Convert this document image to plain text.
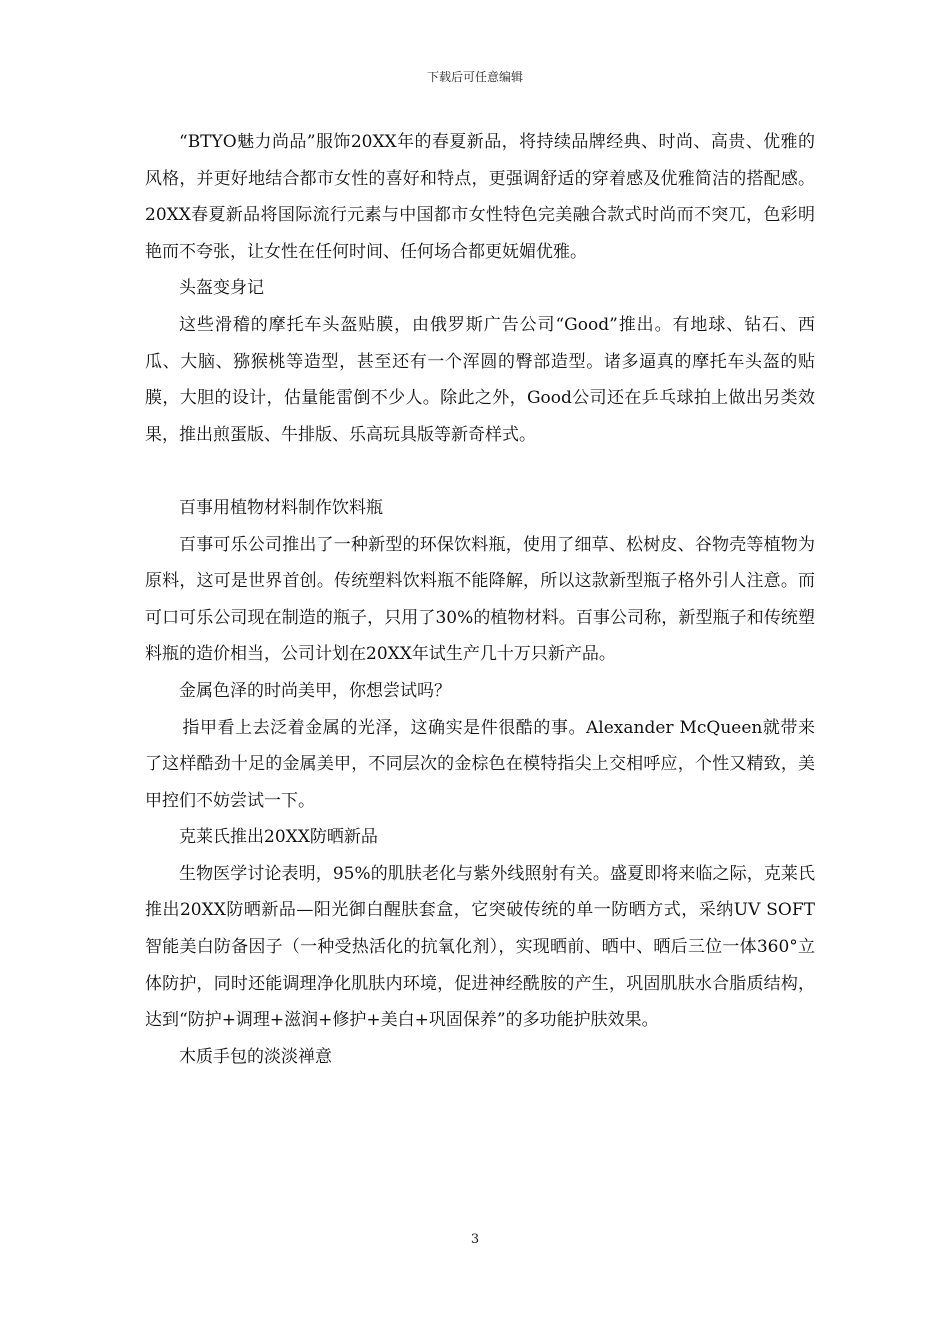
下载后可任意编辑

“BTYO魅力尚品”服饰20XX年的春夏新品，将持续品牌经典、时尚、高贵、优雅的风格，并更好地结合都市女性的喜好和特点，更强调舒适的穿着感及优雅简洁的搭配感。20XX春夏新品将国际流行元素与中国都市女性特色完美融合款式时尚而不突兀，色彩明艳而不夸张，让女性在任何时间、任何场合都更妩媚优雅。

头盔变身记

这些滑稽的摩托车头盔贴膜，由俄罗斯广告公司“Good”推出。有地球、钻石、西瓜、大脑、猕猴桃等造型，甚至还有一个浑圆的臀部造型。诸多逼真的摩托车头盔的贴膜，大胆的设计，估量能雷倒不少人。除此之外，Good公司还在乒乓球拍上做出另类效果，推出煎蛋版、牛排版、乐高玩具版等新奇样式。

百事用植物材料制作饮料瓶

百事可乐公司推出了一种新型的环保饮料瓶，使用了细草、松树皮、谷物壳等植物为原料，这可是世界首创。传统塑料饮料瓶不能降解，所以这款新型瓶子格外引人注意。而可口可乐公司现在制造的瓶子，只用了30%的植物材料。百事公司称，新型瓶子和传统塑料瓶的造价相当，公司计划在20XX年试生产几十万只新产品。

金属色泽的时尚美甲，你想尝试吗？

指甲看上去泛着金属的光泽，这确实是件很酷的事。Alexander McQueen就带来了这样酷劲十足的金属美甲，不同层次的金棕色在模特指尖上交相呼应，个性又精致，美甲控们不妨尝试一下。

克莱氏推出20XX防晒新品

生物医学讨论表明，95%的肌肤老化与紫外线照射有关。盛夏即将来临之际，克莱氏推出20XX防晒新品—阳光御白醒肤套盒，它突破传统的单一防晒方式，采纳UV SOFT智能美白防备因子（一种受热活化的抗氧化剂），实现晒前、晒中、晒后三位一体360°立体防护，同时还能调理净化肌肤内环境，促进神经酰胺的产生，巩固肌肤水合脂质结构，达到“防护+调理+滋润+修护+美白+巩固保养”的多功能护肤效果。

木质手包的淡淡禅意

3
